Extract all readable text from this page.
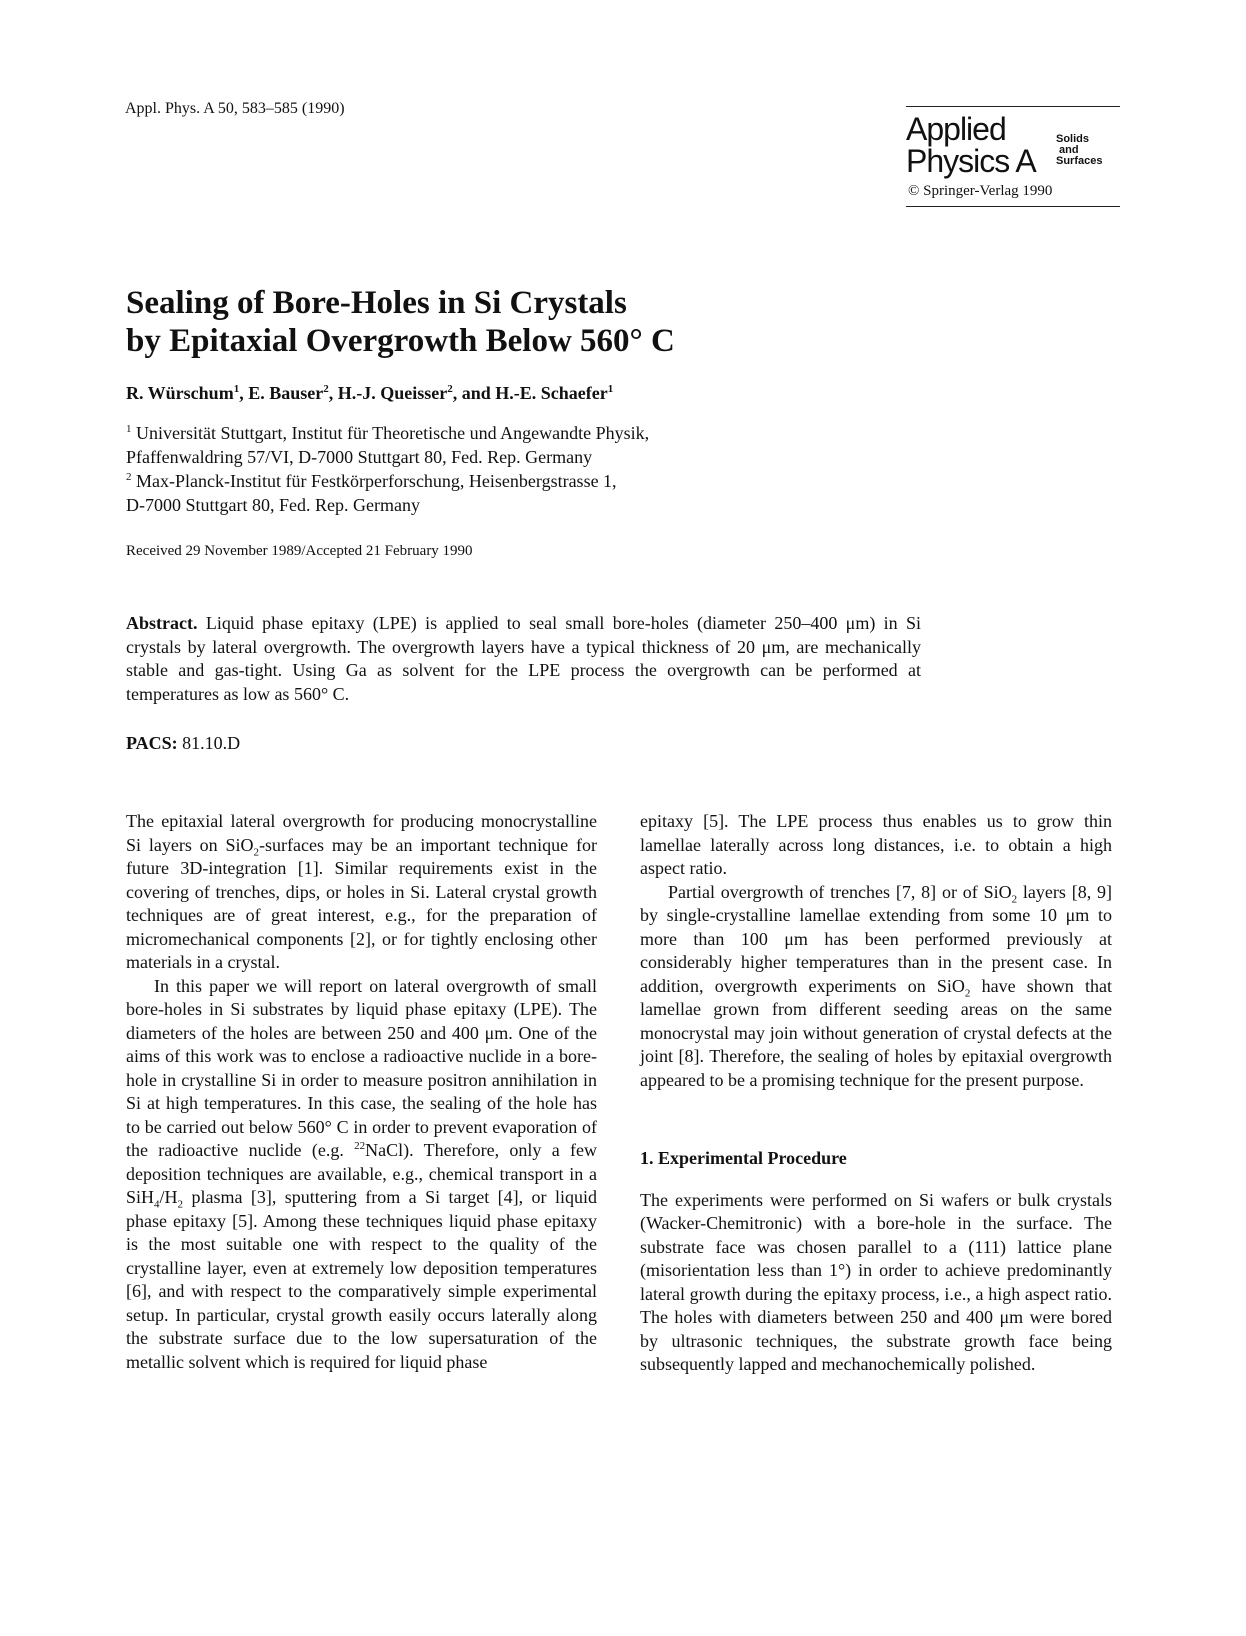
Appl. Phys. A 50, 583–585 (1990)
Applied
Physics A
Solids
and
Surfaces
© Springer-Verlag 1990
Sealing of Bore-Holes in Si Crystals
by Epitaxial Overgrowth Below 560° C
R. Würschum$^1$, E. Bauser$^2$, H.-J. Queisser$^2$, and H.-E. Schaefer$^1$
$^1$ Universität Stuttgart, Institut für Theoretische und Angewandte Physik,
Pfaffenwaldring 57/VI, D-7000 Stuttgart 80, Fed. Rep. Germany
$^2$ Max-Planck-Institut für Festkörperforschung, Heisenbergstrasse 1,
D-7000 Stuttgart 80, Fed. Rep. Germany
Received 29 November 1989/Accepted 21 February 1990
Abstract. Liquid phase epitaxy (LPE) is applied to seal small bore-holes (diameter 250–400 μm) in Si crystals by lateral overgrowth. The overgrowth layers have a typical thickness of 20 μm, are mechanically stable and gas-tight. Using Ga as solvent for the LPE process the overgrowth can be performed at temperatures as low as 560° C.
PACS: 81.10.D

The epitaxial lateral overgrowth for producing monocrystalline Si layers on SiO$_2$-surfaces may be an important technique for future 3D-integration [1]. Similar requirements exist in the covering of trenches, dips, or holes in Si. Lateral crystal growth techniques are of great interest, e.g., for the preparation of micromechanical components [2], or for tightly enclosing other materials in a crystal.

In this paper we will report on lateral overgrowth of small bore-holes in Si substrates by liquid phase epitaxy (LPE). The diameters of the holes are between 250 and 400 μm. One of the aims of this work was to enclose a radioactive nuclide in a bore-hole in crystalline Si in order to measure positron annihilation in Si at high temperatures. In this case, the sealing of the hole has to be carried out below 560° C in order to prevent evaporation of the radioactive nuclide (e.g. $^{22}$NaCl). Therefore, only a few deposition techniques are available, e.g., chemical transport in a $SiH_4/H_2$ plasma [3], sputtering from a Si target [4], or liquid phase epitaxy [5]. Among these techniques liquid phase epitaxy is the most suitable one with respect to the quality of the crystalline layer, even at extremely low deposition temperatures [6], and with respect to the comparatively simple experimental setup. In particular, crystal growth easily occurs laterally along the substrate surface due to the low supersaturation of the metallic solvent which is required for liquid phase

epitaxy [5]. The LPE process thus enables us to grow thin lamellae laterally across long distances, i.e. to obtain a high aspect ratio.

Partial overgrowth of trenches [7, 8] or of SiO$_2$ layers [8, 9] by single-crystalline lamellae extending from some 10 μm to more than 100 μm has been performed previously at considerably higher temperatures than in the present case. In addition, overgrowth experiments on SiO$_2$ have shown that lamellae grown from different seeding areas on the same monocrystal may join without generation of crystal defects at the joint [8]. Therefore, the sealing of holes by epitaxial overgrowth appeared to be a promising technique for the present purpose.

1. Experimental Procedure

The experiments were performed on Si wafers or bulk crystals (Wacker-Chemitronic) with a bore-hole in the surface. The substrate face was chosen parallel to a (111) lattice plane (misorientation less than 1°) in order to achieve predominantly lateral growth during the epitaxy process, i.e., a high aspect ratio. The holes with diameters between 250 and 400 μm were bored by ultrasonic techniques, the substrate growth face being subsequently lapped and mechanochemically polished.
